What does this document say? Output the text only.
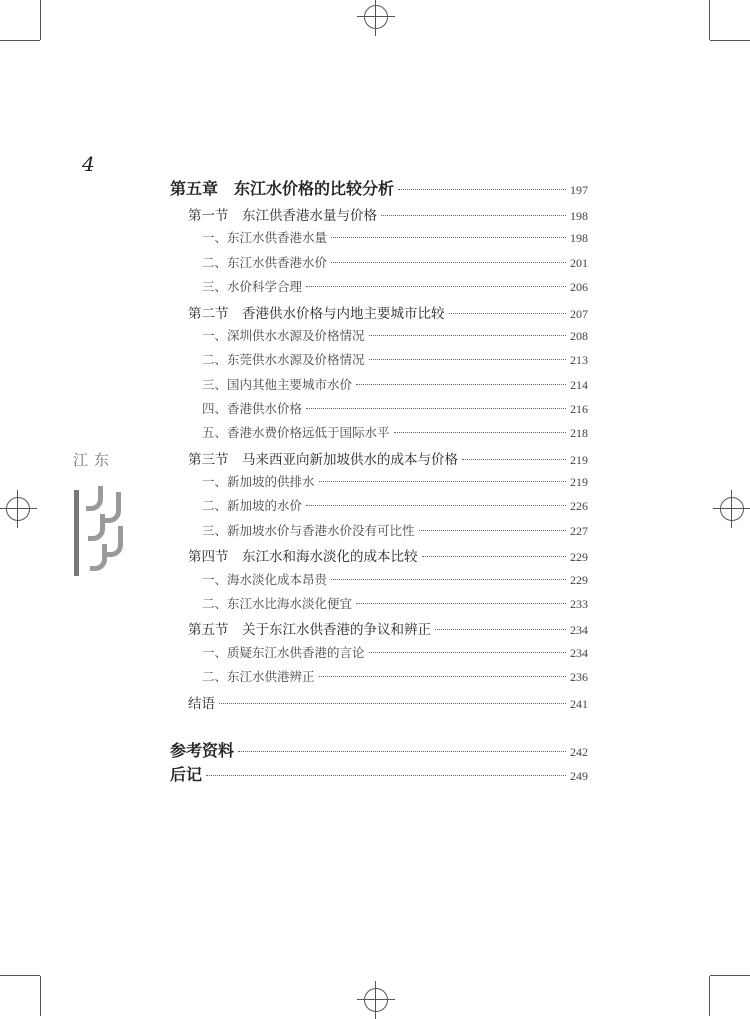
4
东江
第五章　东江水价格的比较分析	197
第一节　东江供香港水量与价格	198
一、东江水供香港水量	198
二、东江水供香港水价	201
三、水价科学合理	206
第二节　香港供水价格与内地主要城市比较	207
一、深圳供水水源及价格情况	208
二、东莞供水水源及价格情况	213
三、国内其他主要城市水价	214
四、香港供水价格	216
五、香港水费价格远低于国际水平	218
第三节　马来西亚向新加坡供水的成本与价格	219
一、新加坡的供排水	219
二、新加坡的水价	226
三、新加坡水价与香港水价没有可比性	227
第四节　东江水和海水淡化的成本比较	229
一、海水淡化成本昂贵	229
二、东江水比海水淡化便宜	233
第五节　关于东江水供香港的争议和辨正	234
一、质疑东江水供香港的言论	234
二、东江水供港辨正	236
结语	241
参考资料	242
后记	249
